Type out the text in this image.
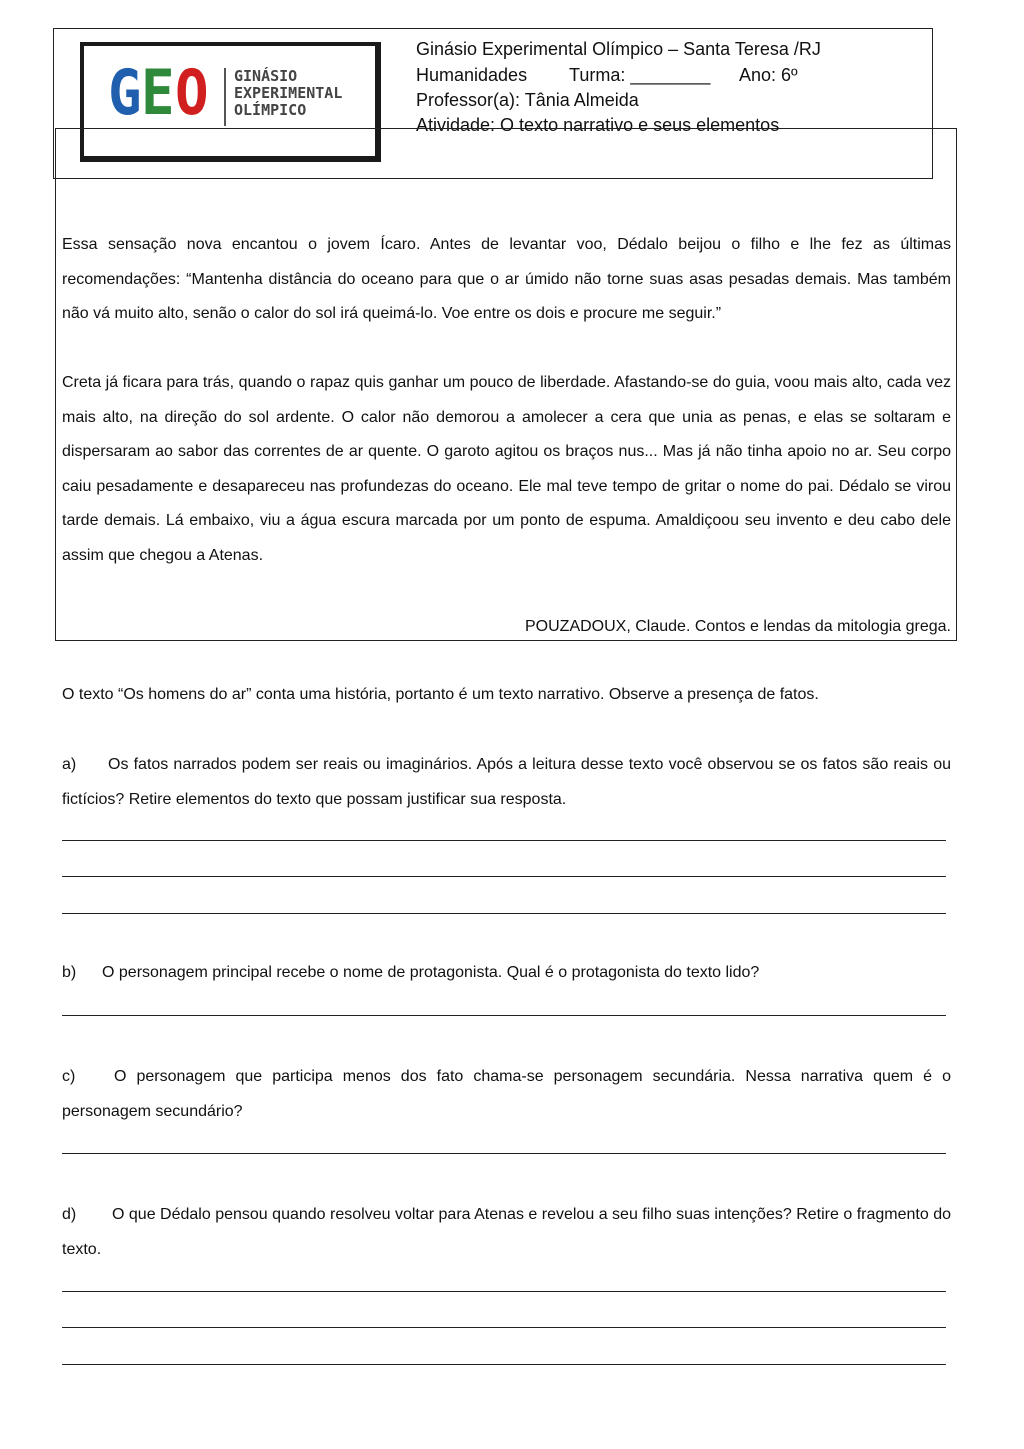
GEO GINÁSIO
EXPERIMENTAL
OLÍMPICO
Ginásio Experimental Olímpico – Santa Teresa /RJ
Humanidades Turma: ________ Ano: 6º
Professor(a): Tânia Almeida
Atividade: O texto narrativo e seus elementos
Essa sensação nova encantou o jovem Ícaro. Antes de levantar voo, Dédalo beijou o filho e lhe fez as últimas recomendações: “Mantenha distância do oceano para que o ar úmido não torne suas asas pesadas demais. Mas também não vá muito alto, senão o calor do sol irá queimá-lo. Voe entre os dois e procure me seguir.”
Creta já ficara para trás, quando o rapaz quis ganhar um pouco de liberdade. Afastando-se do guia, voou mais alto, cada vez mais alto, na direção do sol ardente. O calor não demorou a amolecer a cera que unia as penas, e elas se soltaram e dispersaram ao sabor das correntes de ar quente. O garoto agitou os braços nus... Mas já não tinha apoio no ar. Seu corpo caiu pesadamente e desapareceu nas profundezas do oceano. Ele mal teve tempo de gritar o nome do pai. Dédalo se virou tarde demais. Lá embaixo, viu a água escura marcada por um ponto de espuma. Amaldiçoou seu invento e deu cabo dele assim que chegou a Atenas.
POUZADOUX, Claude. Contos e lendas da mitologia grega.
O texto “Os homens do ar” conta uma história, portanto é um texto narrativo. Observe a presença de fatos.
a) Os fatos narrados podem ser reais ou imaginários. Após a leitura desse texto você observou se os fatos são reais ou fictícios? Retire elementos do texto que possam justificar sua resposta.
b) O personagem principal recebe o nome de protagonista. Qual é o protagonista do texto lido?
c) O personagem que participa menos dos fato chama-se personagem secundária. Nessa narrativa quem é o personagem secundário?
d) O que Dédalo pensou quando resolveu voltar para Atenas e revelou a seu filho suas intenções? Retire o fragmento do texto.
